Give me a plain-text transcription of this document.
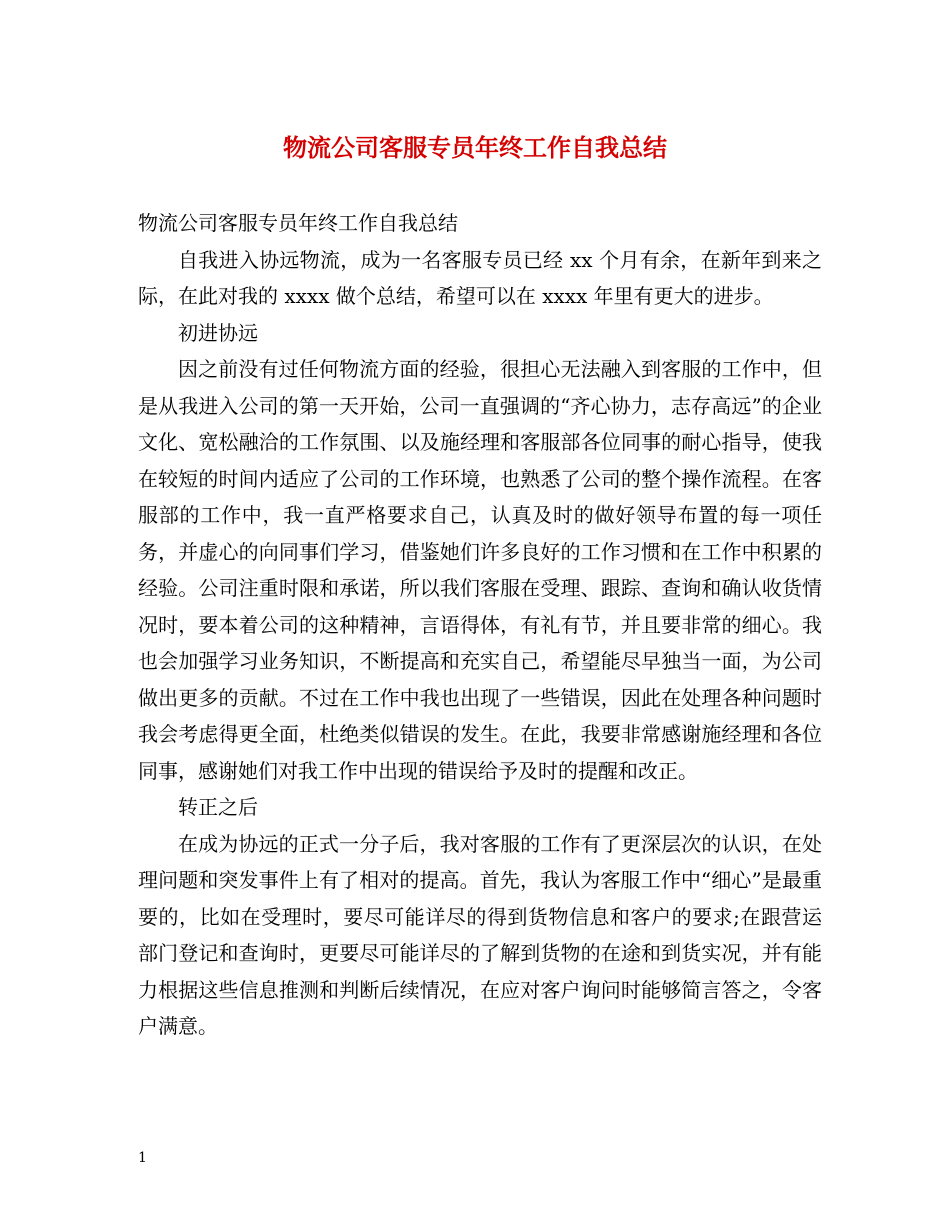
物流公司客服专员年终工作自我总结

物流公司客服专员年终工作自我总结

自我进入协远物流，成为一名客服专员已经 xx 个月有余，在新年到来之际，在此对我的 xxxx 做个总结，希望可以在 xxxx 年里有更大的进步。

初进协远

因之前没有过任何物流方面的经验，很担心无法融入到客服的工作中，但是从我进入公司的第一天开始，公司一直强调的“齐心协力，志存高远”的企业文化、宽松融洽的工作氛围、以及施经理和客服部各位同事的耐心指导，使我在较短的时间内适应了公司的工作环境，也熟悉了公司的整个操作流程。在客服部的工作中，我一直严格要求自己，认真及时的做好领导布置的每一项任务，并虚心的向同事们学习，借鉴她们许多良好的工作习惯和在工作中积累的经验。公司注重时限和承诺，所以我们客服在受理、跟踪、查询和确认收货情况时，要本着公司的这种精神，言语得体，有礼有节，并且要非常的细心。我也会加强学习业务知识，不断提高和充实自己，希望能尽早独当一面，为公司做出更多的贡献。不过在工作中我也出现了一些错误，因此在处理各种问题时我会考虑得更全面，杜绝类似错误的发生。在此，我要非常感谢施经理和各位同事，感谢她们对我工作中出现的错误给予及时的提醒和改正。

转正之后

在成为协远的正式一分子后，我对客服的工作有了更深层次的认识，在处理问题和突发事件上有了相对的提高。首先，我认为客服工作中“细心”是最重要的，比如在受理时，要尽可能详尽的得到货物信息和客户的要求;在跟营运部门登记和查询时，更要尽可能详尽的了解到货物的在途和到货实况，并有能力根据这些信息推测和判断后续情况，在应对客户询问时能够简言答之，令客户满意。

1
